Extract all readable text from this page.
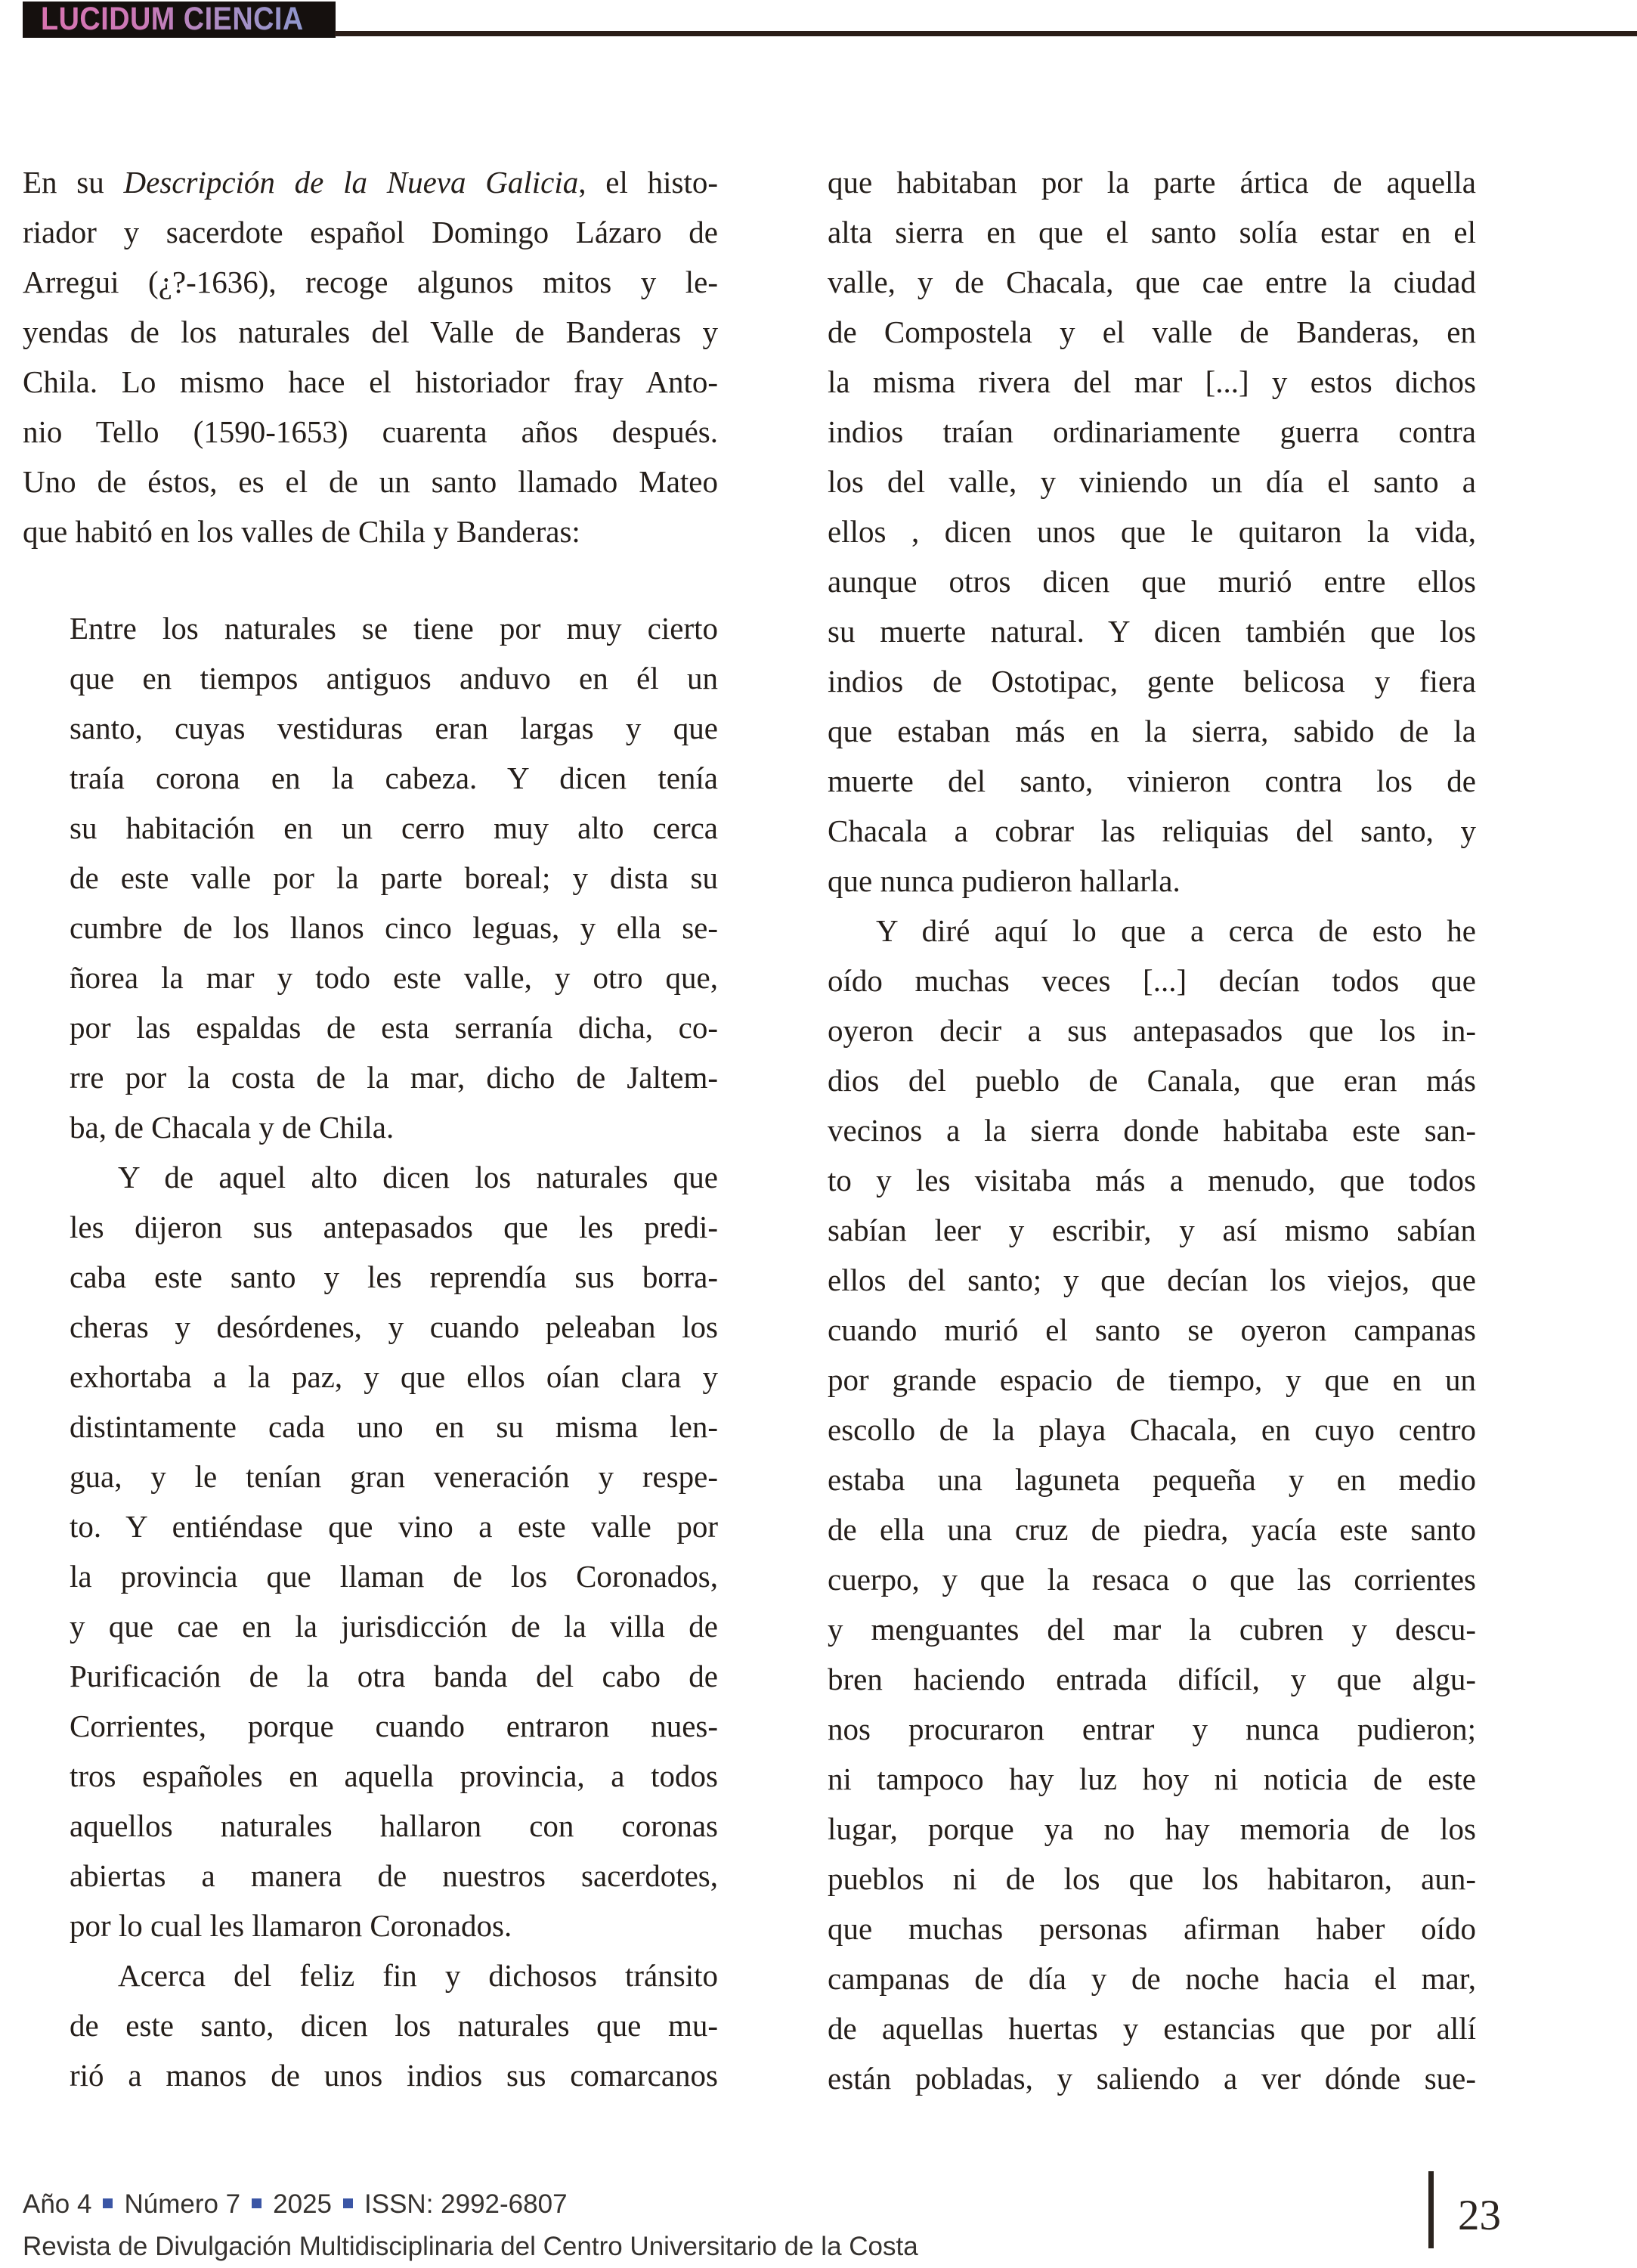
LUCIDUM CIENCIA
En su Descripción de la Nueva Galicia, el histo-
riador y sacerdote español Domingo Lázaro de
Arregui (¿?-1636), recoge algunos mitos y le-
yendas de los naturales del Valle de Banderas y
Chila. Lo mismo hace el historiador fray Anto-
nio Tello (1590-1653) cuarenta años después.
Uno de éstos, es el de un santo llamado Mateo
que habitó en los valles de Chila y Banderas:
Entre los naturales se tiene por muy cierto
que en tiempos antiguos anduvo en él un
santo, cuyas vestiduras eran largas y que
traía corona en la cabeza. Y dicen tenía
su habitación en un cerro muy alto cerca
de este valle por la parte boreal; y dista su
cumbre de los llanos cinco leguas, y ella se-
ñorea la mar y todo este valle, y otro que,
por las espaldas de esta serranía dicha, co-
rre por la costa de la mar, dicho de Jaltem-
ba, de Chacala y de Chila.
Y de aquel alto dicen los naturales que
les dijeron sus antepasados que les predi-
caba este santo y les reprendía sus borra-
cheras y desórdenes, y cuando peleaban los
exhortaba a la paz, y que ellos oían clara y
distintamente cada uno en su misma len-
gua, y le tenían gran veneración y respe-
to. Y entiéndase que vino a este valle por
la provincia que llaman de los Coronados,
y que cae en la jurisdicción de la villa de
Purificación de la otra banda del cabo de
Corrientes, porque cuando entraron nues-
tros españoles en aquella provincia, a todos
aquellos naturales hallaron con coronas
abiertas a manera de nuestros sacerdotes,
por lo cual les llamaron Coronados.
Acerca del feliz fin y dichosos tránsito
de este santo, dicen los naturales que mu-
rió a manos de unos indios sus comarcanos
que habitaban por la parte ártica de aquella
alta sierra en que el santo solía estar en el
valle, y de Chacala, que cae entre la ciudad
de Compostela y el valle de Banderas, en
la misma rivera del mar [...] y estos dichos
indios traían ordinariamente guerra contra
los del valle, y viniendo un día el santo a
ellos , dicen unos que le quitaron la vida,
aunque otros dicen que murió entre ellos
su muerte natural. Y dicen también que los
indios de Ostotipac, gente belicosa y fiera
que estaban más en la sierra, sabido de la
muerte del santo, vinieron contra los de
Chacala a cobrar las reliquias del santo, y
que nunca pudieron hallarla.
Y diré aquí lo que a cerca de esto he
oído muchas veces [...] decían todos que
oyeron decir a sus antepasados que los in-
dios del pueblo de Canala, que eran más
vecinos a la sierra donde habitaba este san-
to y les visitaba más a menudo, que todos
sabían leer y escribir, y así mismo sabían
ellos del santo; y que decían los viejos, que
cuando murió el santo se oyeron campanas
por grande espacio de tiempo, y que en un
escollo de la playa Chacala, en cuyo centro
estaba una laguneta pequeña y en medio
de ella una cruz de piedra, yacía este santo
cuerpo, y que la resaca o que las corrientes
y menguantes del mar la cubren y descu-
bren haciendo entrada difícil, y que algu-
nos procuraron entrar y nunca pudieron;
ni tampoco hay luz hoy ni noticia de este
lugar, porque ya no hay memoria de los
pueblos ni de los que los habitaron, aun-
que muchas personas afirman haber oído
campanas de día y de noche hacia el mar,
de aquellas huertas y estancias que por allí
están pobladas, y saliendo a ver dónde sue-
Año 4 Número 7 2025 ISSN: 2992-6807
Revista de Divulgación Multidisciplinaria del Centro Universitario de la Costa
23
